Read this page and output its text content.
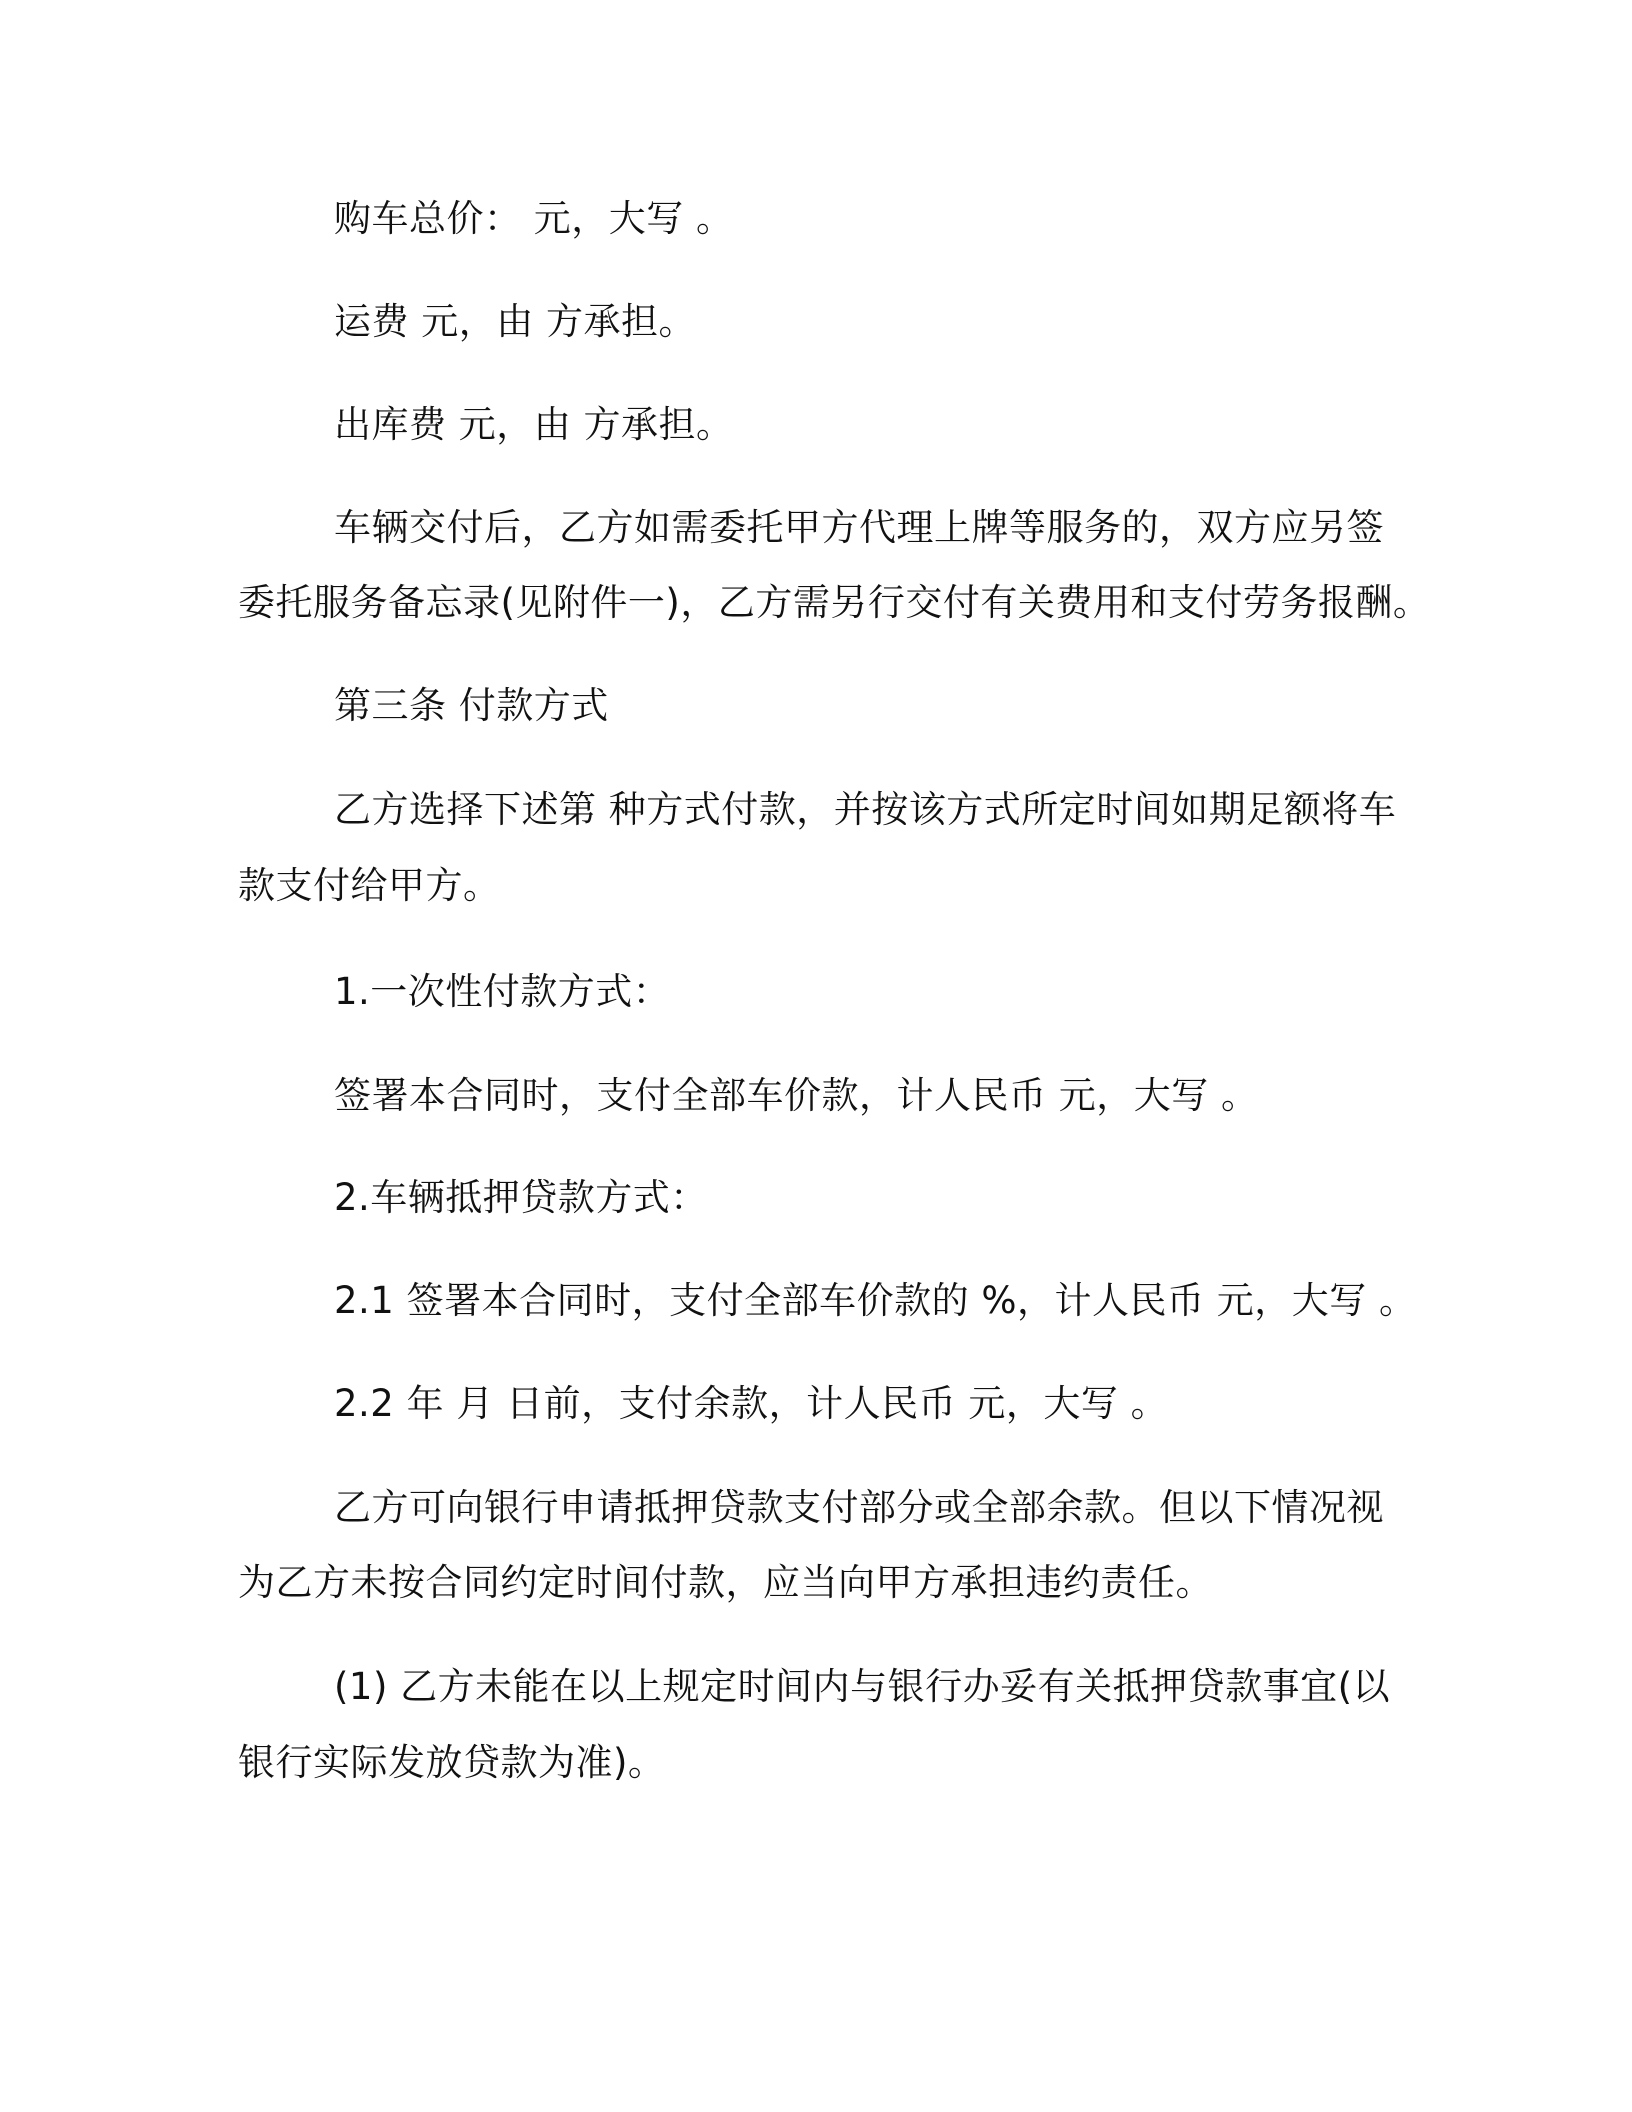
购车总价： 元，大写 。
运费 元，由 方承担。
出库费 元，由 方承担。
车辆交付后，乙方如需委托甲方代理上牌等服务的，双方应另签
委托服务备忘录(见附件一)，乙方需另行交付有关费用和支付劳务报酬。
第三条 付款方式
乙方选择下述第 种方式付款，并按该方式所定时间如期足额将车
款支付给甲方。
1.一次性付款方式：
签署本合同时，支付全部车价款，计人民币 元，大写 。
2.车辆抵押贷款方式：
2.1 签署本合同时，支付全部车价款的 %，计人民币 元，大写 。
2.2 年 月 日前，支付余款，计人民币 元，大写 。
乙方可向银行申请抵押贷款支付部分或全部余款。但以下情况视
为乙方未按合同约定时间付款，应当向甲方承担违约责任。
(1) 乙方未能在以上规定时间内与银行办妥有关抵押贷款事宜(以
银行实际发放贷款为准)。
